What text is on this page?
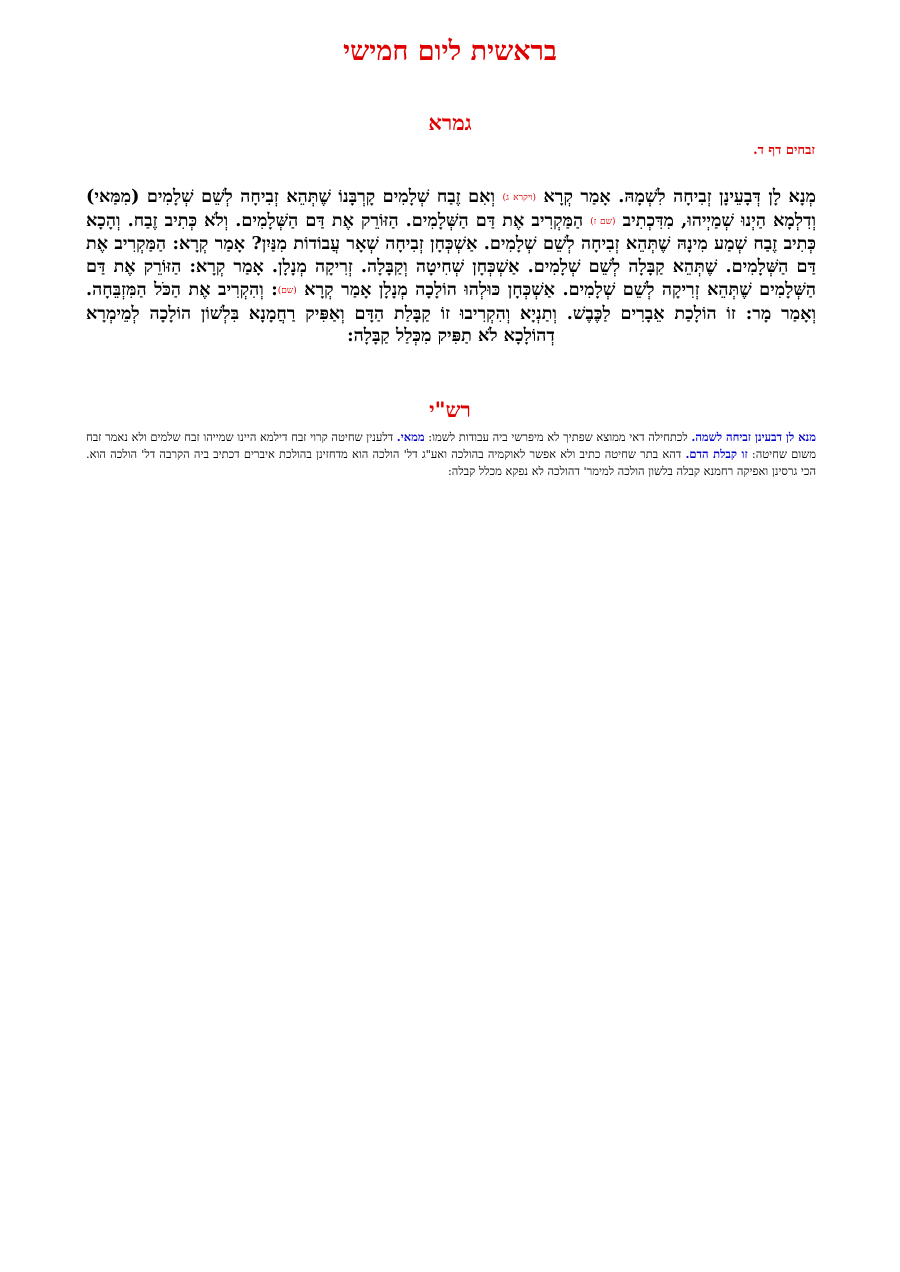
בראשית ליום חמישי
גמרא
זבחים דף ד.

מְנָא לָן דְּבָעֵינָן זְבִיחָה לִשְׁמָהּ. אָמַר קְרָא (ויקרא ג) וְאִם זֶבַח שְׁלָמִים קָרְבָּנוֹ שֶׁתְּהֵא זְבִיחָה לְשֵׁם שְׁלָמִים (מִמַּאי) וְדִלְמָא הַיְנוּ שְׁמַיְיהוּ, מִדִּכְתִיב (שם ז) הַמַּקְרִיב אֶת דַּם הַשְּׁלָמִים. הַזּוֹרֵק אֶת דַּם הַשְּׁלָמִים. וְלֹא כְּתִיב זֶבַח. וְהָכָא כְּתִיב זֶבַח שְׁמַע מִינָהּ שֶׁתְּהֵא זְבִיחָה לְשֵׁם שְׁלָמִים. אַשְׁכְּחָן זְבִיחָה שְׁאָר עֲבוֹדוֹת מִנַּיִן? אָמַר קְרָא: הַמַּקְרִיב אֶת דַּם הַשְּׁלָמִים. שֶׁתְּהֵא קַבָּלָה לְשֵׁם שְׁלָמִים. אַשְׁכְּחָן שְׁחִיטָה וְקַבָּלָה. זְרִיקָה מְנָלָן. אָמַר קְרָא: הַזּוֹרֵק אֶת דַּם הַשְּׁלָמִים שֶׁתְּהֵא זְרִיקָה לְשֵׁם שְׁלָמִים. אַשְׁכְּחָן כּוּלְהוּ הוֹלָכָה מְנָלָן אָמַר קְרָא (שם): וְהִקְרִיב אֶת הַכֹּל הַמִּזְבֵּחָה. וְאָמַר מָר: זוֹ הוֹלָכַת אֵבָרִים לַכֶּבֶשׁ. וְתַנְיָא וְהִקְרִיבוּ זוֹ קַבָּלַת הַדָּם וְאַפִּיק רַחֲמָנָא בִּלְשׁוֹן הוֹלָכָה לְמֵימְרָא דְהוֹלָכָא לֹא תַפִּיק מִכְּלַל קַבָּלָה:

רש"י

מנא לן דבעינן זביחה לשמה. לכתחילה דאי ממוצא שפתיך לא מיפרשי ביה עבודות לשמו: ממאי. דלענין שחיטה קרוי זבח דילמא היינו שמייהו זבח שלמים ולא נאמר זבח משום שחיטה: זו קבלת הדם. דהא בתר שחיטה כתיב ולא אפשר לאוקמיה בהולכה ואע"ג דל' הולכה הוא מדחזינן בהולכת איברים דכתיב ביה הקרבה דל' הולכה הוא. הכי גרסינן ואפיקה רחמנא קבלה בלשון הולכה למימר' דהולכה לא נפקא מכלל קבלה:
